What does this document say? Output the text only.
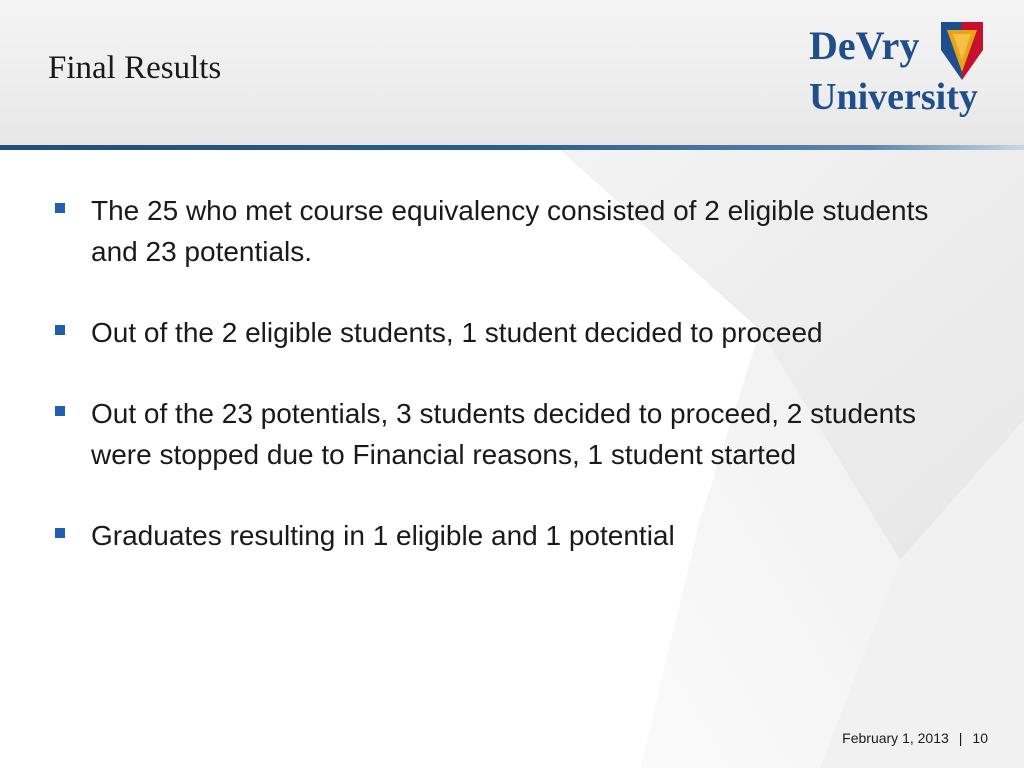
Final Results	DeVry
University
The 25 who met course equivalency consisted of 2 eligible students and 23 potentials.
Out of the 2 eligible students, 1 student decided to proceed
Out of the 23 potentials, 3 students decided to proceed, 2 students were stopped due to Financial reasons, 1 student started
Graduates resulting in 1 eligible and 1 potential
February 1, 2013 | 10
